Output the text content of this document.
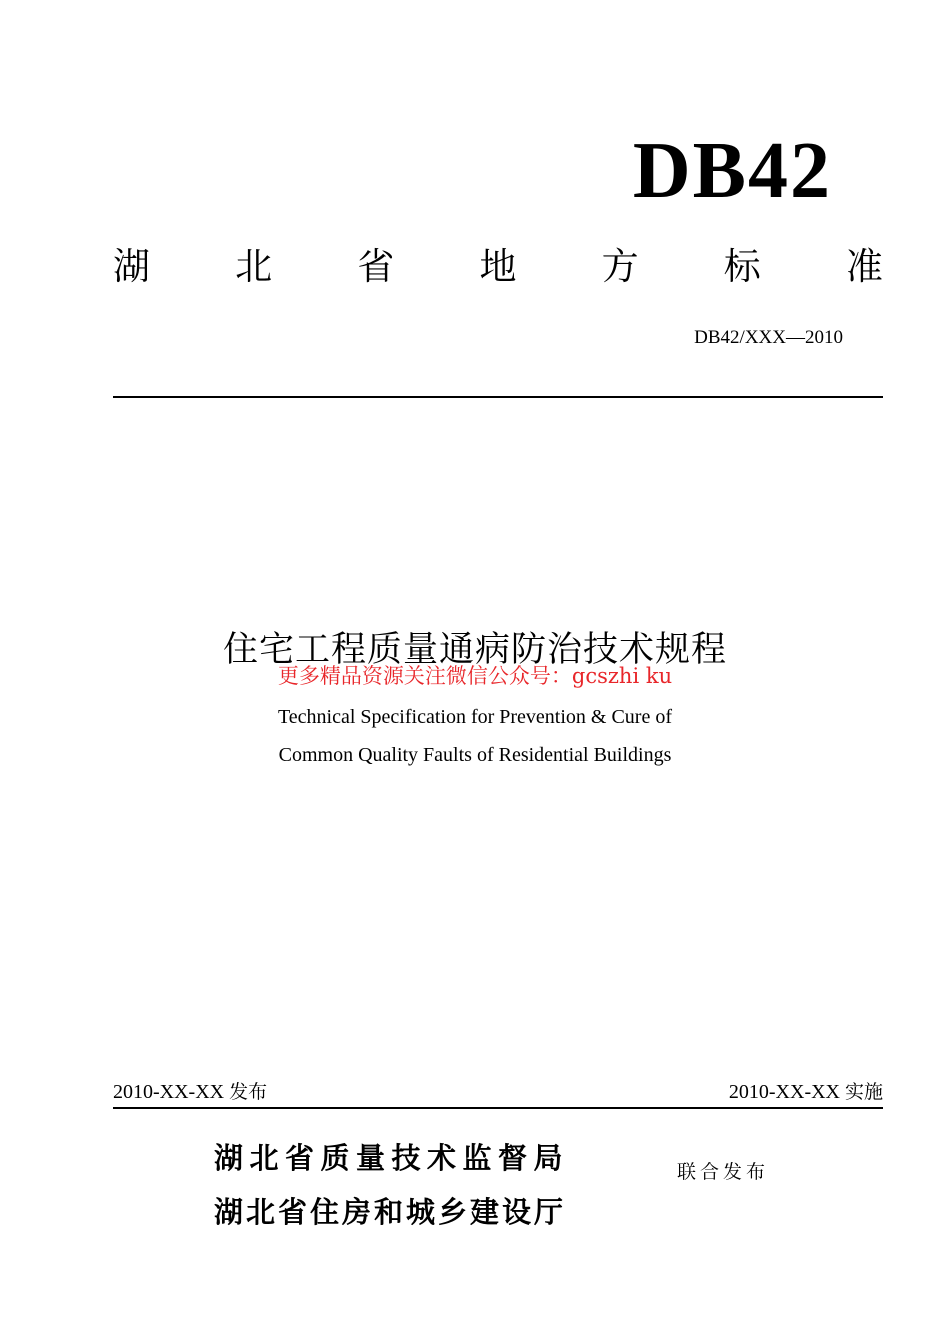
DB42
湖 北 省 地 方 标 准
DB42/XXX—2010
住宅工程质量通病防治技术规程
更多精品资源关注微信公众号：gcszhi ku
Technical Specification for Prevention & Cure of
Common Quality Faults of Residential Buildings
2010-XX-XX 发布	2010-XX-XX 实施
湖北省质量技术监督局
湖北省住房和城乡建设厅
联合发布
